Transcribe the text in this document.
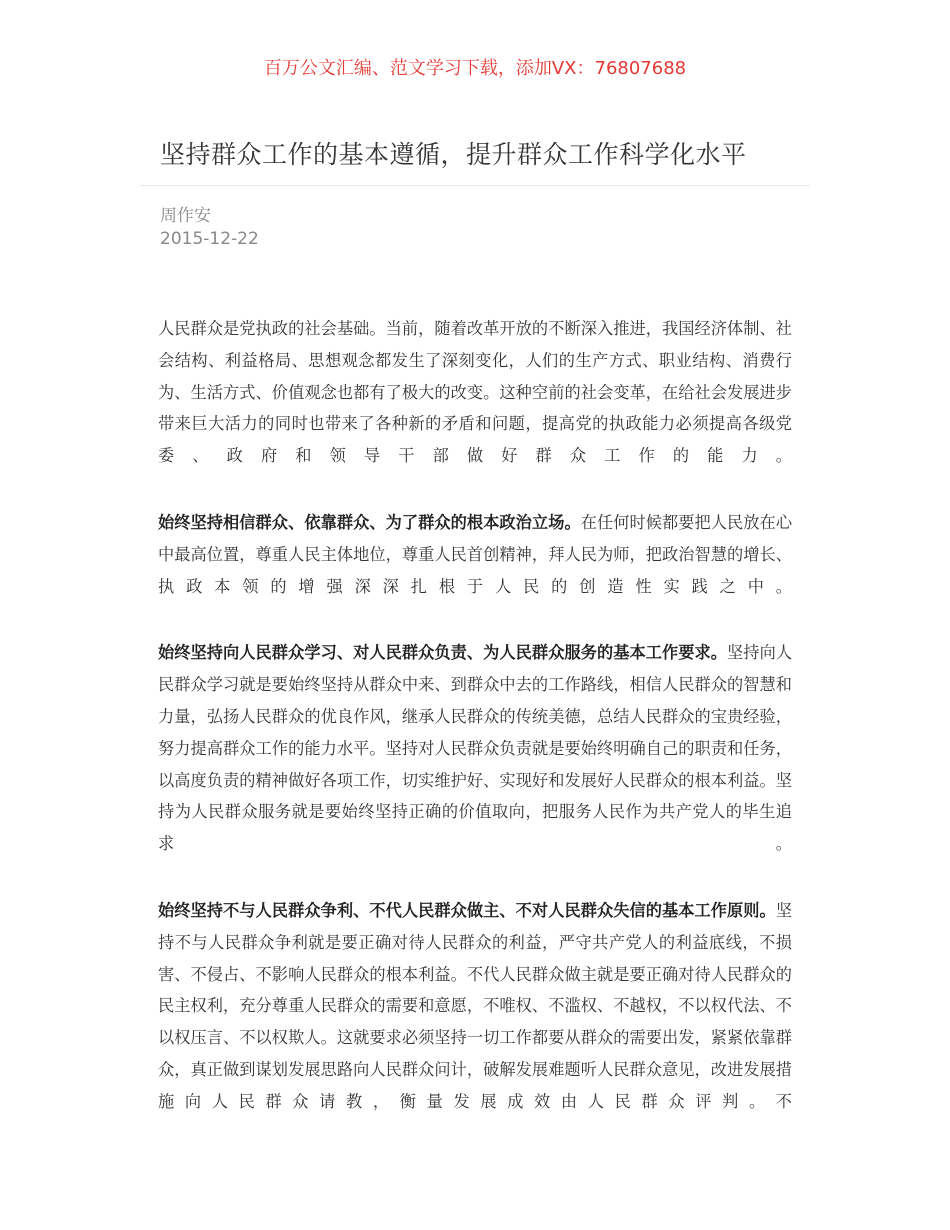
百万公文汇编、范文学习下载，添加VX：76807688
坚持群众工作的基本遵循，提升群众工作科学化水平
周作安
2015-12-22

人民群众是党执政的社会基础。当前，随着改革开放的不断深入推进，我国经济体制、社会结构、利益格局、思想观念都发生了深刻变化，人们的生产方式、职业结构、消费行为、生活方式、价值观念也都有了极大的改变。这种空前的社会变革，在给社会发展进步带来巨大活力的同时也带来了各种新的矛盾和问题，提高党的执政能力必须提高各级党委、政府和领导干部做好群众工作的能力。

始终坚持相信群众、依靠群众、为了群众的根本政治立场。在任何时候都要把人民放在心中最高位置，尊重人民主体地位，尊重人民首创精神，拜人民为师，把政治智慧的增长、执政本领的增强深深扎根于人民的创造性实践之中。

始终坚持向人民群众学习、对人民群众负责、为人民群众服务的基本工作要求。坚持向人民群众学习就是要始终坚持从群众中来、到群众中去的工作路线，相信人民群众的智慧和力量，弘扬人民群众的优良作风，继承人民群众的传统美德，总结人民群众的宝贵经验，努力提高群众工作的能力水平。坚持对人民群众负责就是要始终明确自己的职责和任务，以高度负责的精神做好各项工作，切实维护好、实现好和发展好人民群众的根本利益。坚持为人民群众服务就是要始终坚持正确的价值取向，把服务人民作为共产党人的毕生追求。

始终坚持不与人民群众争利、不代人民群众做主、不对人民群众失信的基本工作原则。坚持不与人民群众争利就是要正确对待人民群众的利益，严守共产党人的利益底线，不损害、不侵占、不影响人民群众的根本利益。不代人民群众做主就是要正确对待人民群众的民主权利，充分尊重人民群众的需要和意愿，不唯权、不滥权、不越权，不以权代法、不以权压言、不以权欺人。这就要求必须坚持一切工作都要从群众的需要出发，紧紧依靠群众，真正做到谋划发展思路向人民群众问计，破解发展难题听人民群众意见，改进发展措施向人民群众请教，衡量发展成效由人民群众评判。不
